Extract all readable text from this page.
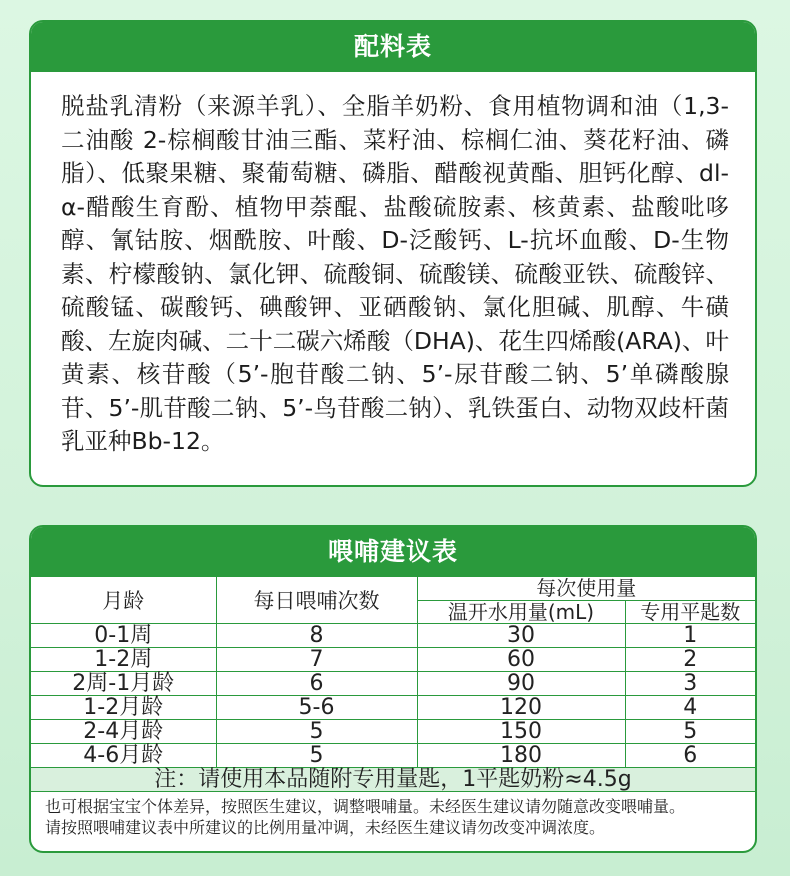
配料表
脱盐乳清粉（来源羊乳）、全脂羊奶粉、食用植物调和油（1,3-二油酸 2-棕榈酸甘油三酯、菜籽油、棕榈仁油、葵花籽油、磷脂）、低聚果糖、聚葡萄糖、磷脂、醋酸视黄酯、胆钙化醇、dl-α-醋酸生育酚、植物甲萘醌、盐酸硫胺素、核黄素、盐酸吡哆醇、氰钴胺、烟酰胺、叶酸、D-泛酸钙、L-抗坏血酸、D-生物素、柠檬酸钠、氯化钾、硫酸铜、硫酸镁、硫酸亚铁、硫酸锌、硫酸锰、碳酸钙、碘酸钾、亚硒酸钠、氯化胆碱、肌醇、牛磺酸、左旋肉碱、二十二碳六烯酸（DHA)、花生四烯酸(ARA)、叶黄素、核苷酸（5’-胞苷酸二钠、5’-尿苷酸二钠、5’单磷酸腺苷、5’-肌苷酸二钠、5’-鸟苷酸二钠）、乳铁蛋白、动物双歧杆菌乳亚种Bb-12。
喂哺建议表
月龄	每日喂哺次数	每次使用量	
		温开水用量(mL)	专用平匙数
0-1周	8	30	1
1-2周	7	60	2
2周-1月龄	6	90	3
1-2月龄	5-6	120	4
2-4月龄	5	150	5
4-6月龄	5	180	6
注：请使用本品随附专用量匙，1平匙奶粉≈4.5g			
也可根据宝宝个体差异，按照医生建议，调整喂哺量。未经医生建议请勿随意改变喂哺量。
请按照喂哺建议表中所建议的比例用量冲调，未经医生建议请勿改变冲调浓度。
